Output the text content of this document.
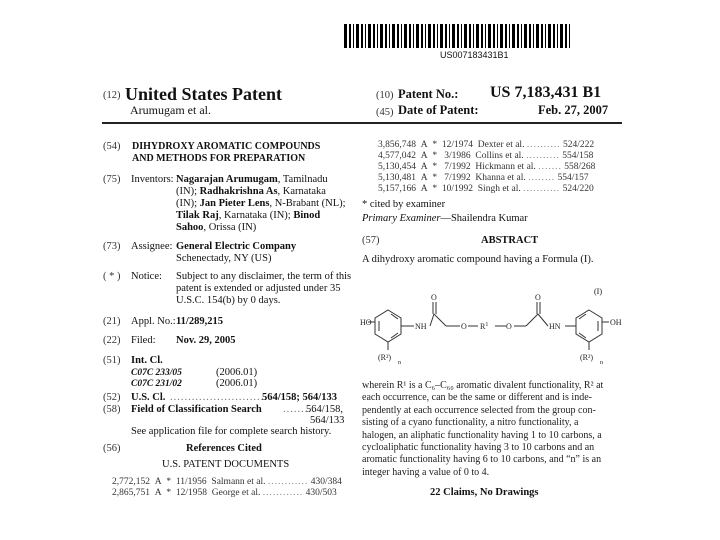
US007183431B1
(12) United States Patent
Arumugam et al.
(10) Patent No.: US 7,183,431 B1
(45) Date of Patent:	Feb. 27, 2007
(54) DIHYDROXY AROMATIC COMPOUNDS
AND METHODS FOR PREPARATION
(75) Inventors: Nagarajan Arumugam, Tamilnadu
(IN); Radhakrishna As, Karnataka
(IN); Jan Pieter Lens, N-Brabant (NL);
Tilak Raj, Karnataka (IN); Binod
Sahoo, Orissa (IN)
(73) Assignee: General Electric Company
Schenectady, NY (US)
( * ) Notice: Subject to any disclaimer, the term of this
patent is extended or adjusted under 35
U.S.C. 154(b) by 0 days.
(21) Appl. No.: 11/289,215
(22) Filed: Nov. 29, 2005
(51) Int. Cl.
C07C 233/05	(2006.01)
C07C 231/02	(2006.01)
(52) U.S. Cl. ...........................
564/158; 564/133
(58) Field of Classification Search .........
564/158,
564/133
See application file for complete search history.
(56)	References Cited
U.S. PATENT DOCUMENTS
2,772,152 A * 11/1956 Salmann et al. ............ 430/384
2,865,751 A * 12/1958 George et al. ............ 430/503
3,856,748 A * 12/1974 Dexter et al. .......... 524/222
4,577,042 A * 3/1986 Collins et al. .......... 554/158
5,130,454 A * 7/1992 Hickmann et al. ....... 558/268
5,130,481 A * 7/1992 Khanna et al. ........ 554/157
5,157,166 A * 10/1992 Singh et al. ........... 524/220
* cited by examiner
Primary Examiner—Shailendra Kumar
(57)	ABSTRACT
A dihydroxy aromatic compound having a Formula (I).
(I)
HO	NH
O
O $R^1$ O
O
HN	OH
(R²)
n
(R²)
n
wherein R¹ is a C₆–C₆₀ aromatic divalent functionality, R² at
each occurrence, can be the same or different and is inde-
pendently at each occurrence selected from the group con-
sisting of a cyano functionality, a nitro functionality, a
halogen, an aliphatic functionality having 1 to 10 carbons, a
cycloaliphatic functionality having 3 to 10 carbons and an
aromatic functionality having 6 to 10 carbons, and “n” is an
integer having a value of 0 to 4.
22 Claims, No Drawings
